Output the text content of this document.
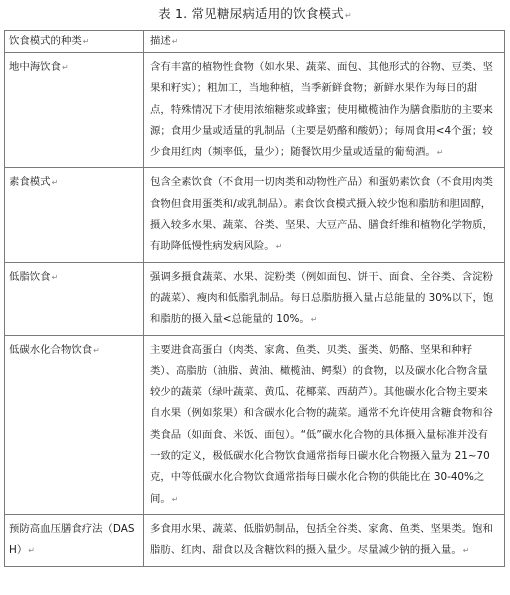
表 1. 常见糖尿病适用的饮食模式↵
饮食模式的种类↵	描述↵
地中海饮食↵	含有丰富的植物性食物（如水果、蔬菜、面包、其他形式的谷物、豆类、坚果和籽实）；粗加工，当地种植，当季新鲜食物；新鲜水果作为每日的甜点，特殊情况下才使用浓缩糖浆或蜂蜜；使用橄榄油作为膳食脂肪的主要来源；食用少量或适量的乳制品（主要是奶酪和酸奶）；每周食用<4个蛋；较少食用红肉（频率低，量少）；随餐饮用少量或适量的葡萄酒。↵
素食模式↵	包含全素饮食（不食用一切肉类和动物性产品）和蛋奶素饮食（不食用肉类食物但食用蛋类和/或乳制品）。素食饮食模式摄入较少饱和脂肪和胆固醇，摄入较多水果、蔬菜、谷类、坚果、大豆产品、膳食纤维和植物化学物质，有助降低慢性病发病风险。↵
低脂饮食↵	强调多摄食蔬菜、水果、淀粉类（例如面包、饼干、面食、全谷类、含淀粉的蔬菜）、瘦肉和低脂乳制品。每日总脂肪摄入量占总能量的 30%以下，饱和脂肪的摄入量<总能量的 10%。↵
低碳水化合物饮食↵	主要进食高蛋白（肉类、家禽、鱼类、贝类、蛋类、奶酪、坚果和种籽类）、高脂肪（油脂、黄油、橄榄油、鳄梨）的食物，以及碳水化合物含量较少的蔬菜（绿叶蔬菜、黄瓜、花椰菜、西葫芦）。其他碳水化合物主要来自水果（例如浆果）和含碳水化合物的蔬菜。通常不允许使用含糖食物和谷类食品（如面食、米饭、面包）。“低”碳水化合物的具体摄入量标准并没有一致的定义，极低碳水化合物饮食通常指每日碳水化合物摄入量为 21~70 克，中等低碳水化合物饮食通常指每日碳水化合物的供能比在 30-40%之间。↵
预防高血压膳食疗法（DASH）↵	多食用水果、蔬菜、低脂奶制品，包括全谷类、家禽、鱼类、坚果类。饱和脂肪、红肉、甜食以及含糖饮料的摄入量少。尽量减少钠的摄入量。↵
